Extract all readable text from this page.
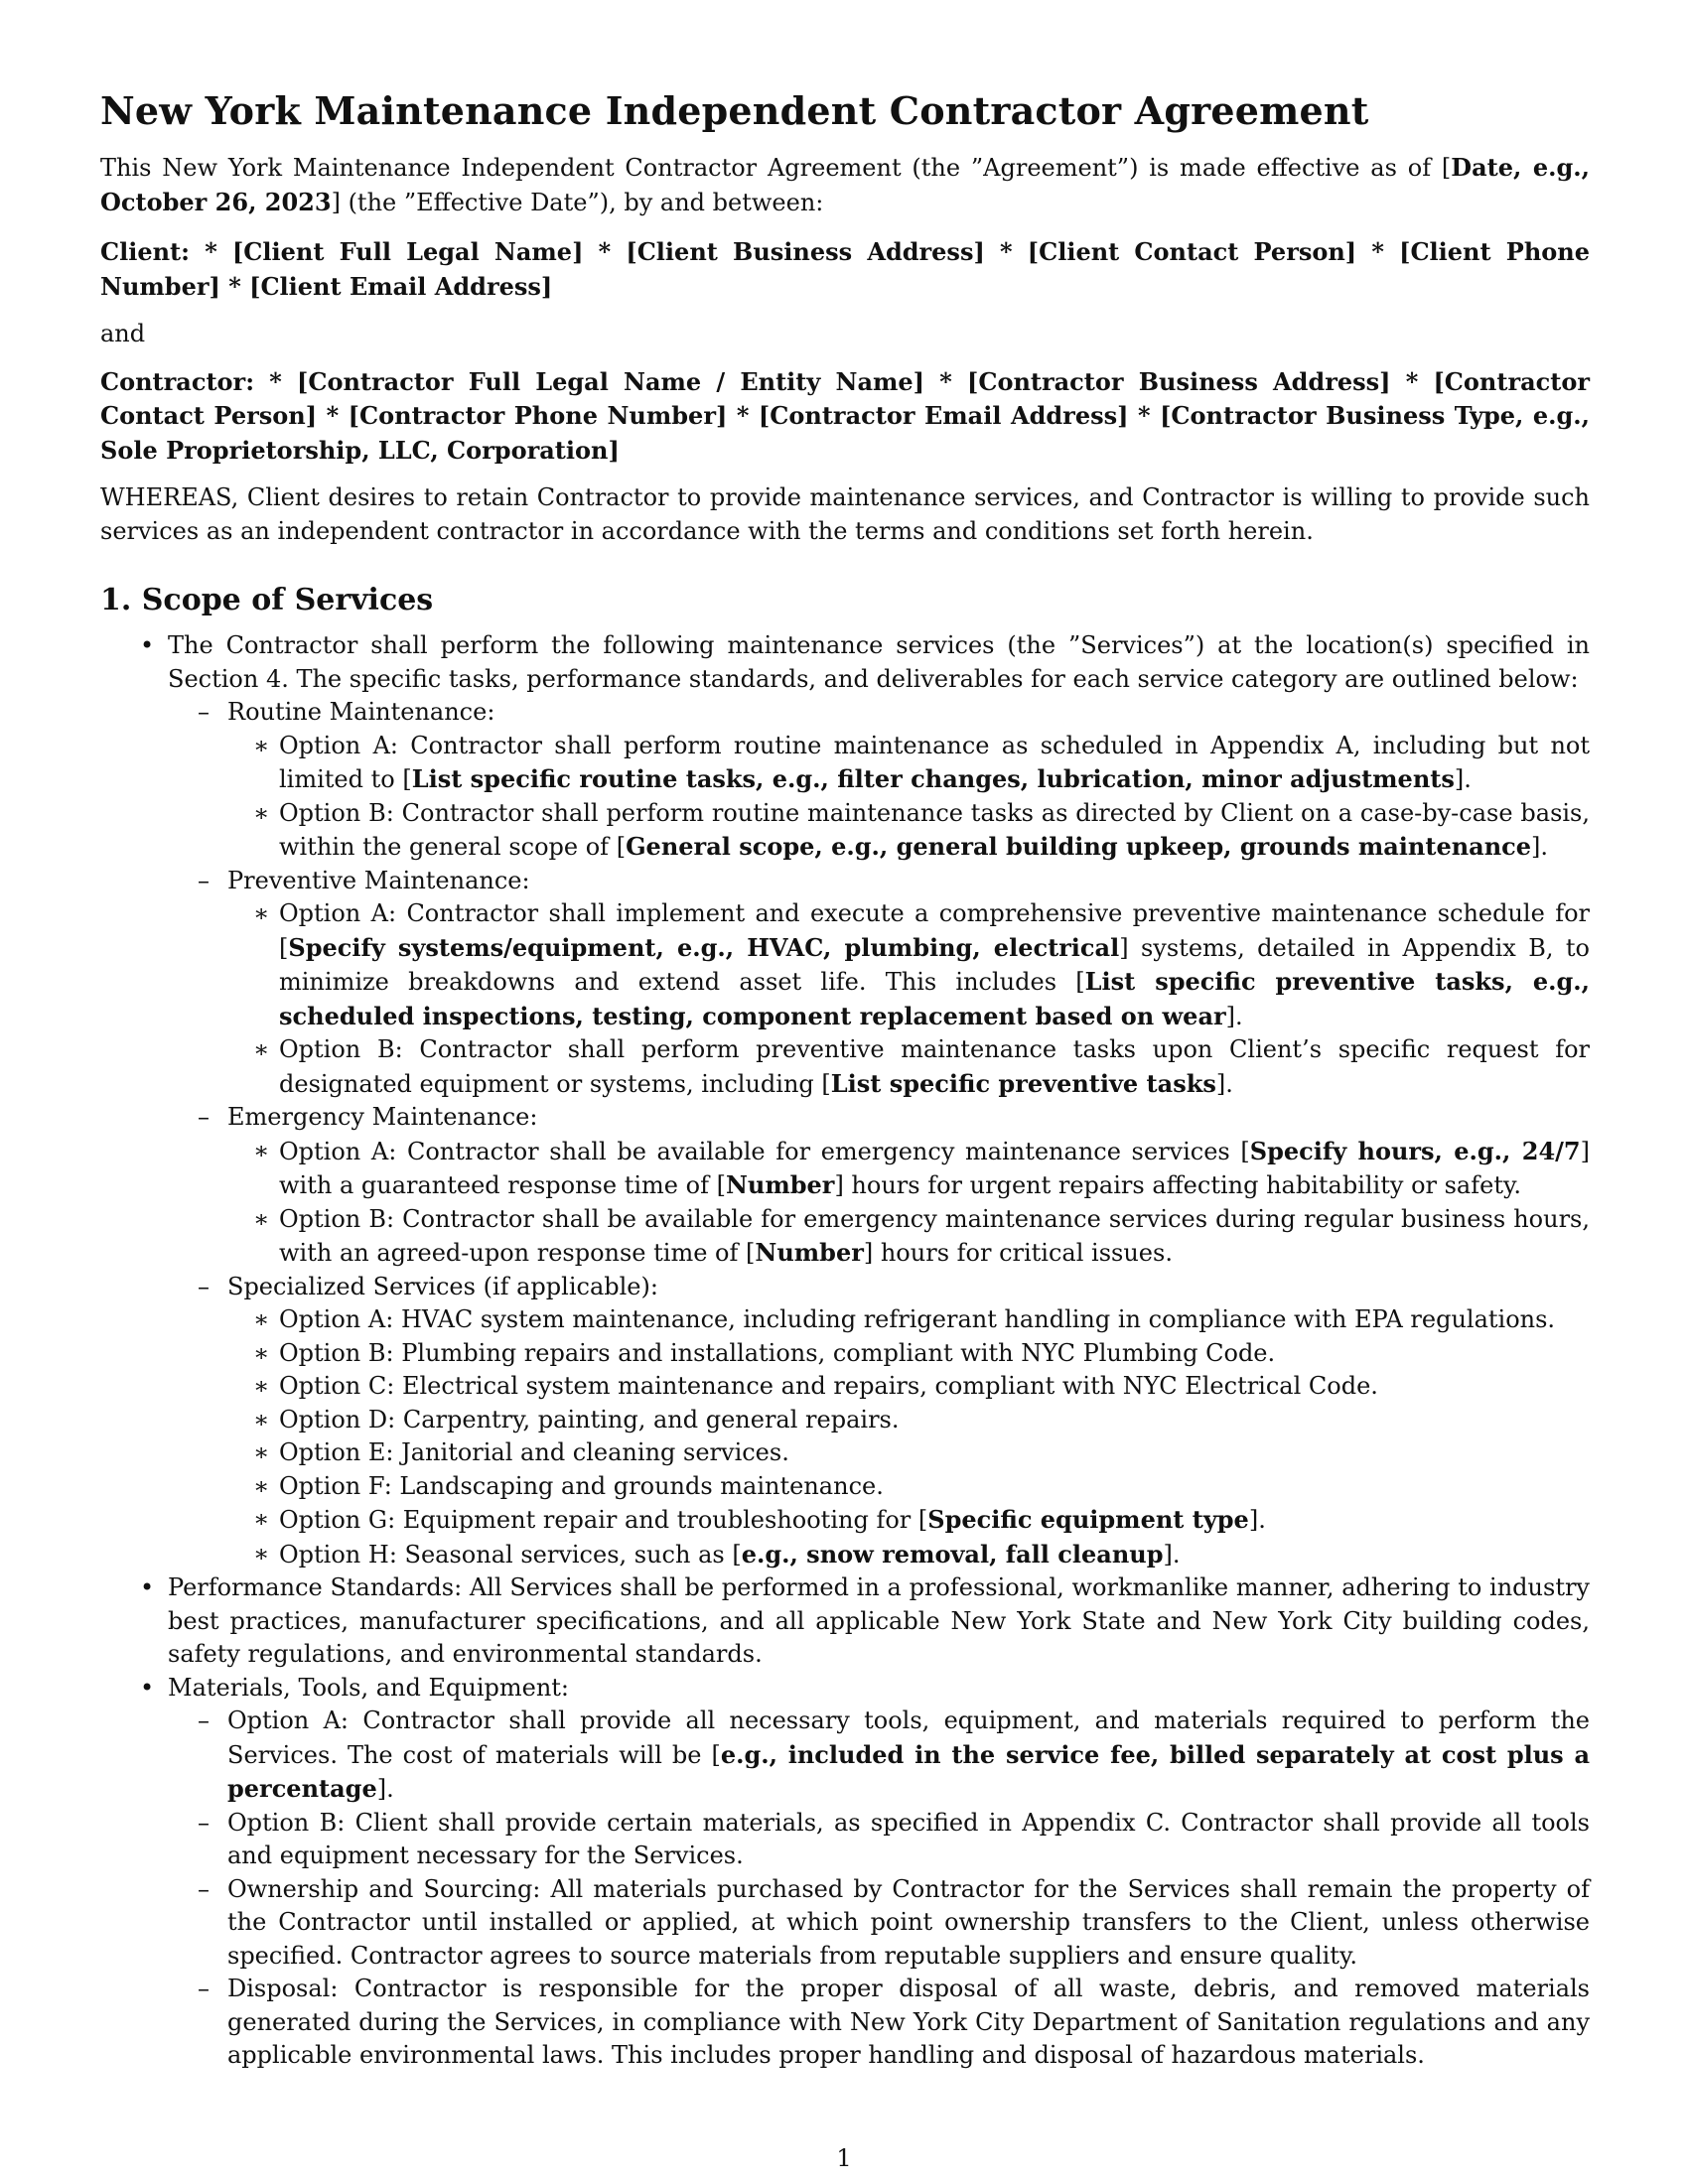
New York Maintenance Independent Contractor Agreement

This New York Maintenance Independent Contractor Agreement (the ”Agreement”) is made effective as of [Date, e.g., October 26, 2023] (the ”Effective Date”), by and between:

Client: * [Client Full Legal Name] * [Client Business Address] * [Client Contact Person] * [Client Phone Number] * [Client Email Address]

and

Contractor: * [Contractor Full Legal Name / Entity Name] * [Contractor Business Address] * [Contractor Contact Person] * [Contractor Phone Number] * [Contractor Email Address] * [Contractor Business Type, e.g., Sole Proprietorship, LLC, Corporation]

WHEREAS, Client desires to retain Contractor to provide maintenance services, and Contractor is willing to provide such services as an independent contractor in accordance with the terms and conditions set forth herein.

1. Scope of Services
• The Contractor shall perform the following maintenance services (the ”Services”) at the location(s) specified in Section 4. The specific tasks, performance standards, and deliverables for each service category are outlined below:
– Routine Maintenance:
∗ Option A: Contractor shall perform routine maintenance as scheduled in Appendix A, including but not limited to [List specific routine tasks, e.g., filter changes, lubrication, minor adjustments].
∗ Option B: Contractor shall perform routine maintenance tasks as directed by Client on a case-by-case basis, within the general scope of [General scope, e.g., general building upkeep, grounds maintenance].
– Preventive Maintenance:
∗ Option A: Contractor shall implement and execute a comprehensive preventive maintenance schedule for [Specify systems/equipment, e.g., HVAC, plumbing, electrical] systems, detailed in Appendix B, to minimize breakdowns and extend asset life. This includes [List specific preventive tasks, e.g., scheduled inspections, testing, component replacement based on wear].
∗ Option B: Contractor shall perform preventive maintenance tasks upon Client’s specific request for designated equipment or systems, including [List specific preventive tasks].
– Emergency Maintenance:
∗ Option A: Contractor shall be available for emergency maintenance services [Specify hours, e.g., 24/7] with a guaranteed response time of [Number] hours for urgent repairs affecting habitability or safety.
∗ Option B: Contractor shall be available for emergency maintenance services during regular business hours, with an agreed-upon response time of [Number] hours for critical issues.
– Specialized Services (if applicable):
∗ Option A: HVAC system maintenance, including refrigerant handling in compliance with EPA regulations.
∗ Option B: Plumbing repairs and installations, compliant with NYC Plumbing Code.
∗ Option C: Electrical system maintenance and repairs, compliant with NYC Electrical Code.
∗ Option D: Carpentry, painting, and general repairs.
∗ Option E: Janitorial and cleaning services.
∗ Option F: Landscaping and grounds maintenance.
∗ Option G: Equipment repair and troubleshooting for [Specific equipment type].
∗ Option H: Seasonal services, such as [e.g., snow removal, fall cleanup].
• Performance Standards: All Services shall be performed in a professional, workmanlike manner, adhering to industry best practices, manufacturer specifications, and all applicable New York State and New York City building codes, safety regulations, and environmental standards.
• Materials, Tools, and Equipment:
– Option A: Contractor shall provide all necessary tools, equipment, and materials required to perform the Services. The cost of materials will be [e.g., included in the service fee, billed separately at cost plus a percentage].
– Option B: Client shall provide certain materials, as specified in Appendix C. Contractor shall provide all tools and equipment necessary for the Services.
– Ownership and Sourcing: All materials purchased by Contractor for the Services shall remain the property of the Contractor until installed or applied, at which point ownership transfers to the Client, unless otherwise specified. Contractor agrees to source materials from reputable suppliers and ensure quality.
– Disposal: Contractor is responsible for the proper disposal of all waste, debris, and removed materials generated during the Services, in compliance with New York City Department of Sanitation regulations and any applicable environmental laws. This includes proper handling and disposal of hazardous materials.
1
